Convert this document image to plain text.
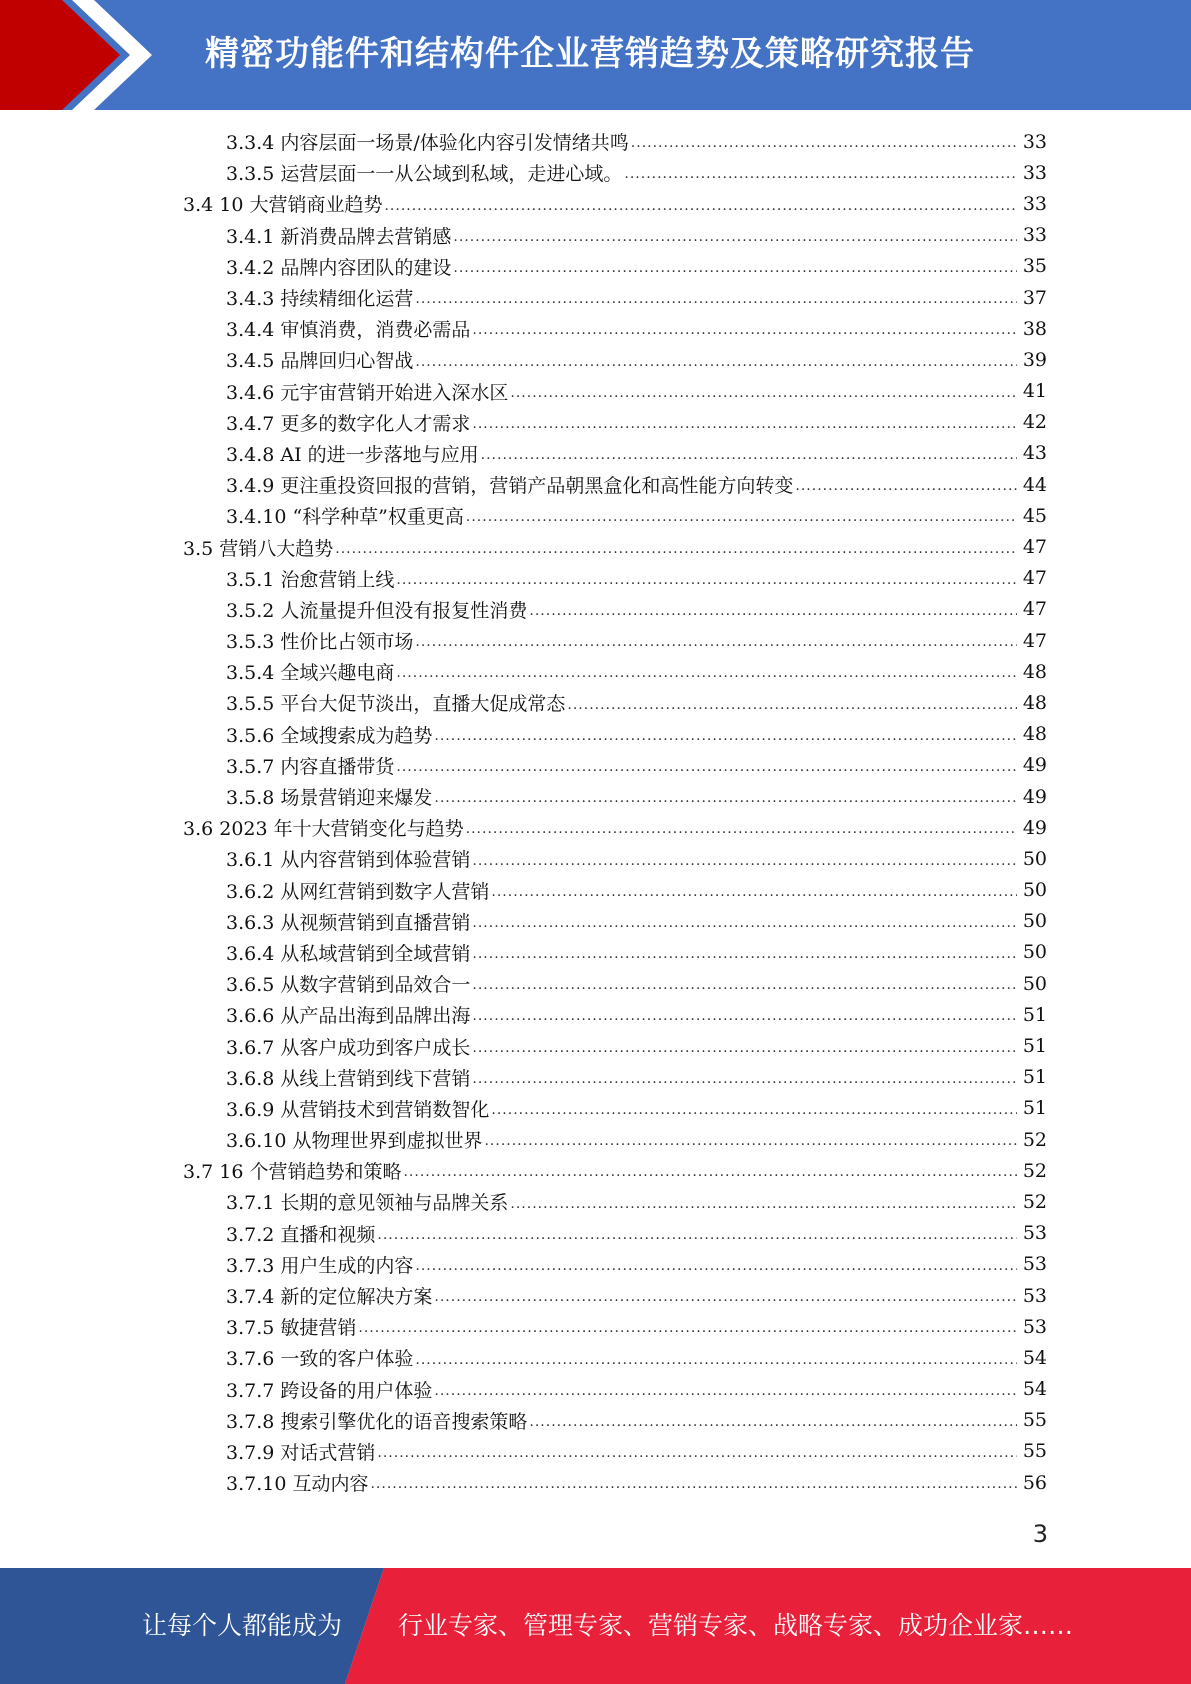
精密功能件和结构件企业营销趋势及策略研究报告
3.3.4 内容层面一场景/体验化内容引发情绪共鸣 .....	33
3.3.5 运营层面一一从公域到私域，走进心域。 .....	33
3.4 10 大营销商业趋势 .....	33
3.4.1 新消费品牌去营销感 .....	33
3.4.2 品牌内容团队的建设 .....	35
3.4.3 持续精细化运营 .....	37
3.4.4 审慎消费，消费必需品 .....	38
3.4.5 品牌回归心智战 .....	39
3.4.6 元宇宙营销开始进入深水区 .....	41
3.4.7 更多的数字化人才需求 .....	42
3.4.8 AI 的进一步落地与应用 .....	43
3.4.9 更注重投资回报的营销，营销产品朝黑盒化和高性能方向转变 .....	44
3.4.10 “科学种草”权重更高 .....	45
3.5 营销八大趋势 .....	47
3.5.1 治愈营销上线 .....	47
3.5.2 人流量提升但没有报复性消费 .....	47
3.5.3 性价比占领市场 .....	47
3.5.4 全域兴趣电商 .....	48
3.5.5 平台大促节淡出，直播大促成常态 .....	48
3.5.6 全域搜索成为趋势 .....	48
3.5.7 内容直播带货 .....	49
3.5.8 场景营销迎来爆发 .....	49
3.6 2023 年十大营销变化与趋势 .....	49
3.6.1 从内容营销到体验营销 .....	50
3.6.2 从网红营销到数字人营销 .....	50
3.6.3 从视频营销到直播营销 .....	50
3.6.4 从私域营销到全域营销 .....	50
3.6.5 从数字营销到品效合一 .....	50
3.6.6 从产品出海到品牌出海 .....	51
3.6.7 从客户成功到客户成长 .....	51
3.6.8 从线上营销到线下营销 .....	51
3.6.9 从营销技术到营销数智化 .....	51
3.6.10 从物理世界到虚拟世界 .....	52
3.7 16 个营销趋势和策略 .....	52
3.7.1 长期的意见领袖与品牌关系 .....	52
3.7.2 直播和视频 .....	53
3.7.3 用户生成的内容 .....	53
3.7.4 新的定位解决方案 .....	53
3.7.5 敏捷营销 .....	53
3.7.6 一致的客户体验 .....	54
3.7.7 跨设备的用户体验 .....	54
3.7.8 搜索引擎优化的语音搜索策略 .....	55
3.7.9 对话式营销 .....	55
3.7.10 互动内容 .....	56
3
让每个人都能成为 行业专家、管理专家、营销专家、战略专家、成功企业家……
